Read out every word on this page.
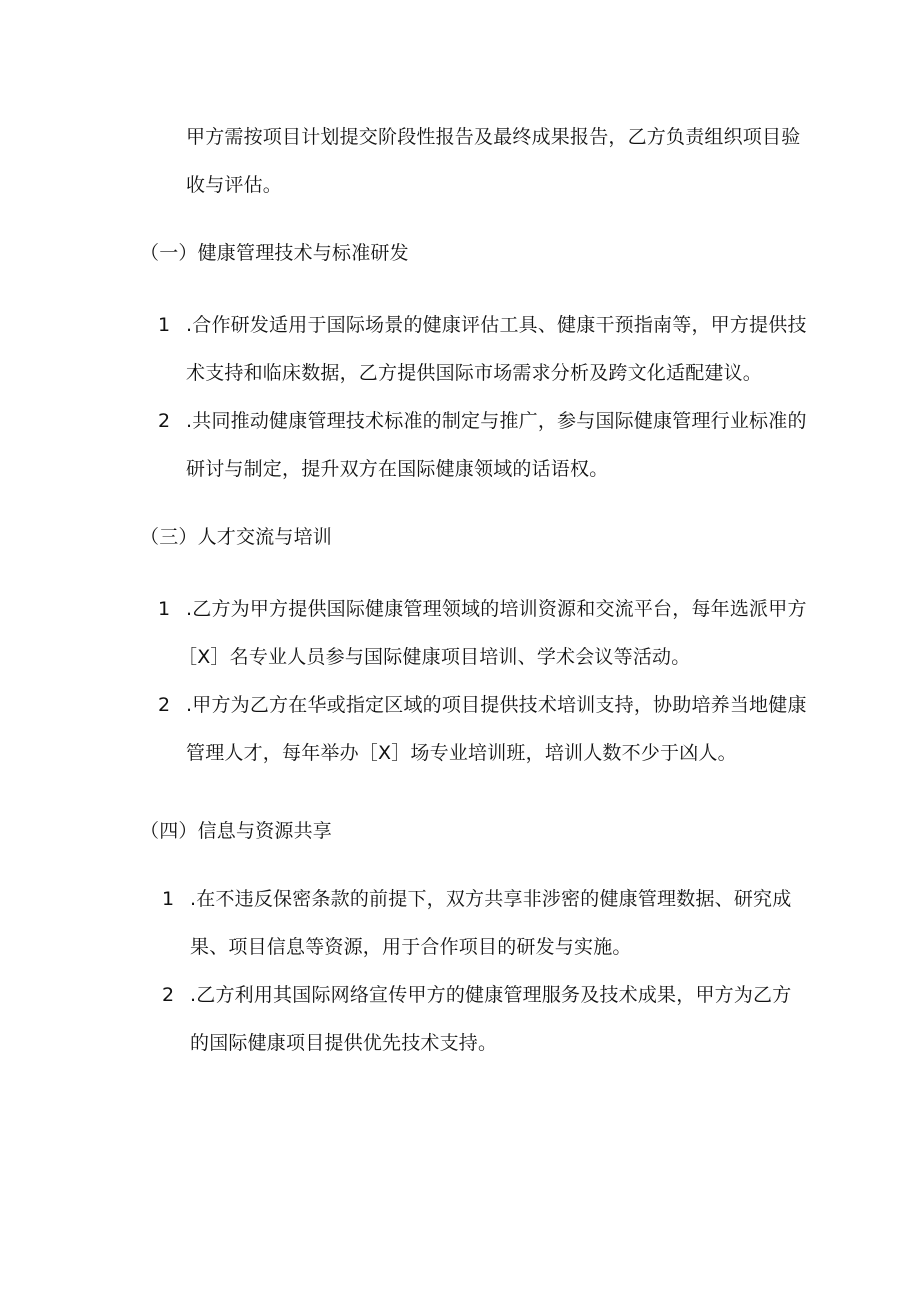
甲方需按项目计划提交阶段性报告及最终成果报告，乙方负责组织项目验
收与评估。
（一）健康管理技术与标准研发
1 .合作研发适用于国际场景的健康评估工具、健康干预指南等，甲方提供技
术支持和临床数据，乙方提供国际市场需求分析及跨文化适配建议。
2 .共同推动健康管理技术标准的制定与推广，参与国际健康管理行业标准的
研讨与制定，提升双方在国际健康领域的话语权。
（三）人才交流与培训
1 .乙方为甲方提供国际健康管理领域的培训资源和交流平台，每年选派甲方
［X］名专业人员参与国际健康项目培训、学术会议等活动。
2 .甲方为乙方在华或指定区域的项目提供技术培训支持，协助培养当地健康
管理人才，每年举办［X］场专业培训班，培训人数不少于凶人。
（四）信息与资源共享
1 .在不违反保密条款的前提下，双方共享非涉密的健康管理数据、研究成
果、项目信息等资源，用于合作项目的研发与实施。
2 .乙方利用其国际网络宣传甲方的健康管理服务及技术成果，甲方为乙方
的国际健康项目提供优先技术支持。
